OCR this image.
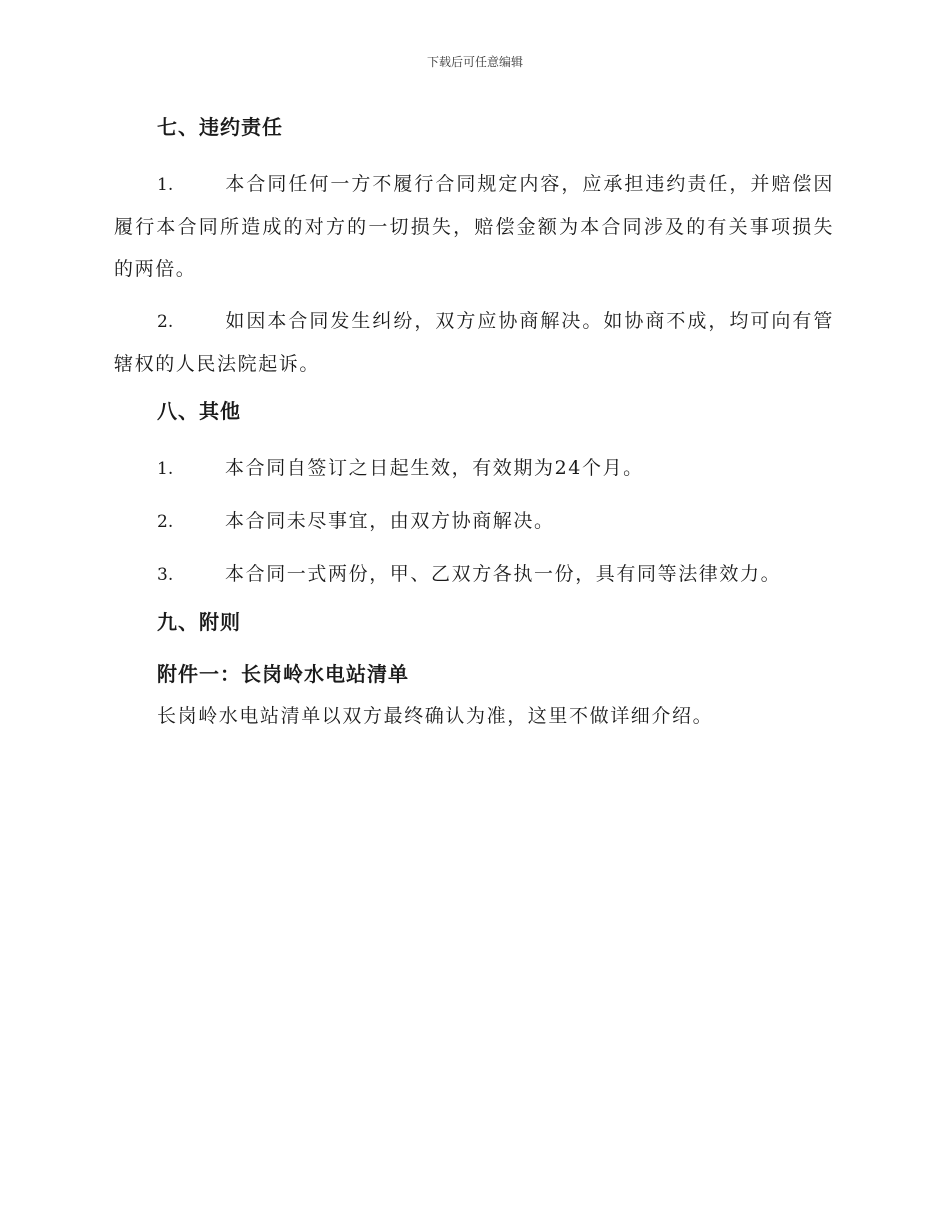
下载后可任意编辑
七、违约责任

1.	本合同任何一方不履行合同规定内容，应承担违约责任，并赔偿因履行本合同所造成的对方的一切损失，赔偿金额为本合同涉及的有关事项损失的两倍。

2.	如因本合同发生纠纷，双方应协商解决。如协商不成，均可向有管辖权的人民法院起诉。

八、其他

1.	本合同自签订之日起生效，有效期为24个月。

2.	本合同未尽事宜，由双方协商解决。

3.	本合同一式两份，甲、乙双方各执一份，具有同等法律效力。

九、附则
附件一：长岗岭水电站清单

长岗岭水电站清单以双方最终确认为准，这里不做详细介绍。
